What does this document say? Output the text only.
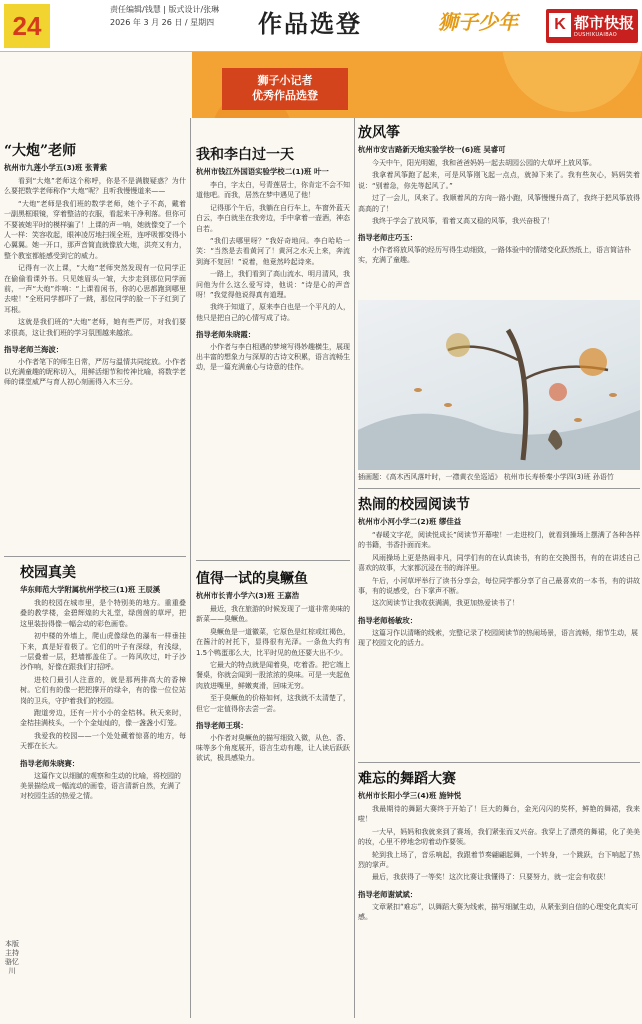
24
责任编辑/钱慧 | 版式设计/张琳
2026 年 3 月 26 日 / 星期四 作品选登	狮子少年	K 都市快报
DUSHIKUAIBAO
狮子小记者
优秀作品选登
“大炮”老师
杭州市九莲小学五(3)班 张菁紫

看到“大炮”老师这个称呼，你是不是满腹疑惑？为什么要把数学老师称作“大炮”呢？且听我慢慢道来——

“大炮”老师是我们班的数学老师，她个子不高，戴着一副黑框眼镜，穿着整洁的衣服，看起来干净利落。但你可不要被她平时的模样骗了！上课的声一响，她就像变了一个人一样：笑容收起，眼神凌厉地扫视全班，连呼吸都变得小心翼翼。她一开口，那声音简直就像放大炮，洪亮又有力，整个教室都能感受到它的威力。

记得有一次上课，“大炮”老师突然发现有一位同学正在偷偷看课外书。只见她眉头一皱，大步走到那位同学面前，一声“大炮”炸响：“上课看闲书，你的心思都跑到哪里去啦！”全班同学都吓了一跳，那位同学的脸一下子红到了耳根。

这就是我们班的“大炮”老师，她有些严厉，对我们要求很高，这让我们班的学习氛围越来越浓。

指导老师兰海波：

小作者笔下的师生日常，严厉与温情共同绽放。小作者以充满童趣的昵称切入，用鲜活细节和传神比喻，将数学老师的课堂威严与育人初心刻画得入木三分。

校园真美
华东师范大学附属杭州学校三(1)班 王辰溪

我的校园在城市里，是个特别美的地方。重重叠叠的教学楼，金碧辉煌的大礼堂，绿茵茵的草坪，把这里装扮得像一幅会动的彩色画卷。

初中楼的外墙上，爬山虎像绿色的瀑布一样垂挂下来，真是好看极了。它们的叶子有深绿，有浅绿，一层叠着一层，把墙都盖住了。一阵风吹过，叶子沙沙作响，好像在跟我们打招呼。

进校门最引人注意的，就是那两排高大的香樟树。它们有的像一把把撑开的绿伞，有的像一位位站岗的卫兵，守护着我们的校园。

跑道旁边，还有一片小小的金桔林。秋天来时，金桔挂满枝头，一个个金灿灿的，像一盏盏小灯笼。

我爱我的校园——一个处处藏着惊喜的地方，每天都在长大。

指导老师朱晓赛：

这篇作文以细腻的观察和生动的比喻，将校园的美景描绘成一幅流动的画卷，语言清新自然，充满了对校园生活的热爱之情。

本版主持 骆忆川
我和李白过一天
杭州市钱江外国语实验学校二(1)班 叶一

李白，字太白，号青莲居士，你肯定不会不知道他吧。而我，居然在梦中遇见了他！

记得那个午后，我躺在自行车上，车窗外蓝天白云，李白就坐在我旁边，手中拿着一壶酒，神态自若。

“我们去哪里呀？”我好奇地问。李白哈哈一笑：“当然是去看黄河了！黄河之水天上来，奔流到海不复回！”说着，他竟然吟起诗来。

一路上，我们看到了高山流水、明月清风，我问他为什么这么爱写诗，他说：“诗是心的声音呀！”我觉得他说得真有道理。

我终于知道了，原来李白也是一个平凡的人，他只是把自己的心情写成了诗。

指导老师朱晓霞：

小作者与李白相遇的梦境写得妙趣横生，展现出丰富的想象力与深厚的古诗文积累，语言流畅生动，是一篇充满童心与诗意的佳作。

值得一试的臭鳜鱼
杭州市长青小学六(3)班 王嘉浩

最近，我在旅游的时候发现了一道非常美味的新菜——臭鳜鱼。

臭鳜鱼是一道徽菜，它原色是红棕或红褐色，在酱汁的衬托下，显得很有光泽。一条鱼大约有1.5个鸭蛋那么大，比平时见的鱼还要大出不少。

它最大的特点就是闻着臭，吃着香。把它端上餐桌，你就会闻到一股浓浓的臭味。可是一夹起鱼肉放进嘴里，鲜嫩爽滑，回味无穷。

至于臭鳜鱼的价格如何，这我就不太清楚了，但它一定值得你去尝一尝。

指导老师王琪：

小作者对臭鳜鱼的描写细致入微，从色、香、味等多个角度展开，语言生动有趣，让人读后跃跃欲试，极具感染力。

放风筝
杭州市安吉路新天地实验学校一(6)班 吴睿可

今天中午，阳光明媚，我和爸爸妈妈一起去胡园公园的大草坪上放风筝。

我拿着风筝跑了起来，可是风筝刚飞起一点点，就掉下来了。我有些灰心，妈妈笑着说：“别着急，你先等起风了。”

过了一会儿，风来了。我顺着风的方向一路小跑，风筝慢慢升高了，我终于把风筝放得高高的了！

我终于学会了放风筝，看着又高又稳的风筝，我兴奋极了！

指导老师庄巧玉：

小作者将放风筝的经历写得生动细致，一路体验中的情绪变化跃然纸上，语言简洁朴实，充满了童趣。

插画题：《高木西风落叶时，一襟黄衣坐巡适》 杭州市长寿桥秦小学四(3)班 孙语竹
热闹的校园阅读节
杭州市小河小学二(2)班 缪佳益

“春暖文字花，阅读悦成长”阅读节开幕啦！一走进校门，就看到操场上摆满了各种各样的书籍，书香扑面而来。

风雨操场上更是热闹非凡，同学们有的在认真读书，有的在交换图书，有的在讲述自己喜欢的故事，大家都沉浸在书的海洋里。

午后，小河草坪举行了读书分享会，每位同学都分享了自己最喜欢的一本书，有的讲故事，有的说感受，台下掌声不断。

这次阅读节让我收获满满，我更加热爱读书了！

指导老师杨敏玫：

这篇习作以清晰的线索，完整记录了校园阅读节的热闹场景，语言流畅，细节生动，展现了校园文化的活力。

难忘的舞蹈大赛
杭州市长阳小学三(4)班 施钟悦

我最期待的舞蹈大赛终于开始了！巨大的舞台，金光闪闪的奖杯，鲜艳的舞裙，我来啦！

一大早，妈妈和我就来到了赛场，我们紧张而又兴奋。我穿上了漂亮的舞裙，化了美美的妆，心里不停地念叨着动作要领。

轮到我上场了，音乐响起，我跟着节奏翩翩起舞，一个转身，一个跳跃，台下响起了热烈的掌声。

最后，我获得了一等奖！这次比赛让我懂得了：只要努力，就一定会有收获！

指导老师谢斌斌：

文章紧扣“难忘”，以舞蹈大赛为线索，描写细腻生动，从紧张到自信的心理变化真实可感。
